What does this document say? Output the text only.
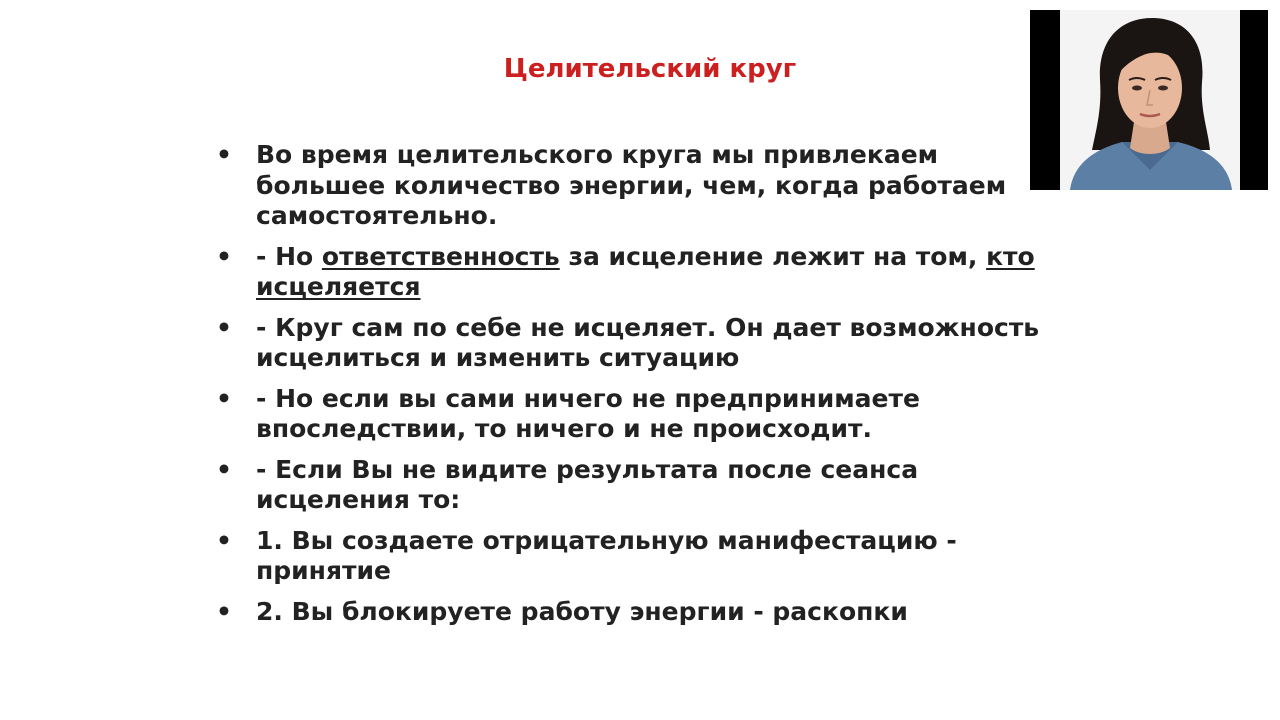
Целительский круг
• Во время целительского круга мы привлекаем большее количество энергии, чем, когда работаем самостоятельно.
• - Но ответственность за исцеление лежит на том, кто исцеляется
• - Круг сам по себе не исцеляет. Он дает возможность исцелиться и изменить ситуацию
• - Но если вы сами ничего не предпринимаете впоследствии, то ничего и не происходит.
• - Если Вы не видите результата после сеанса исцеления то:
• 1. Вы создаете отрицательную манифестацию - принятие
• 2. Вы блокируете работу энергии - раскопки
